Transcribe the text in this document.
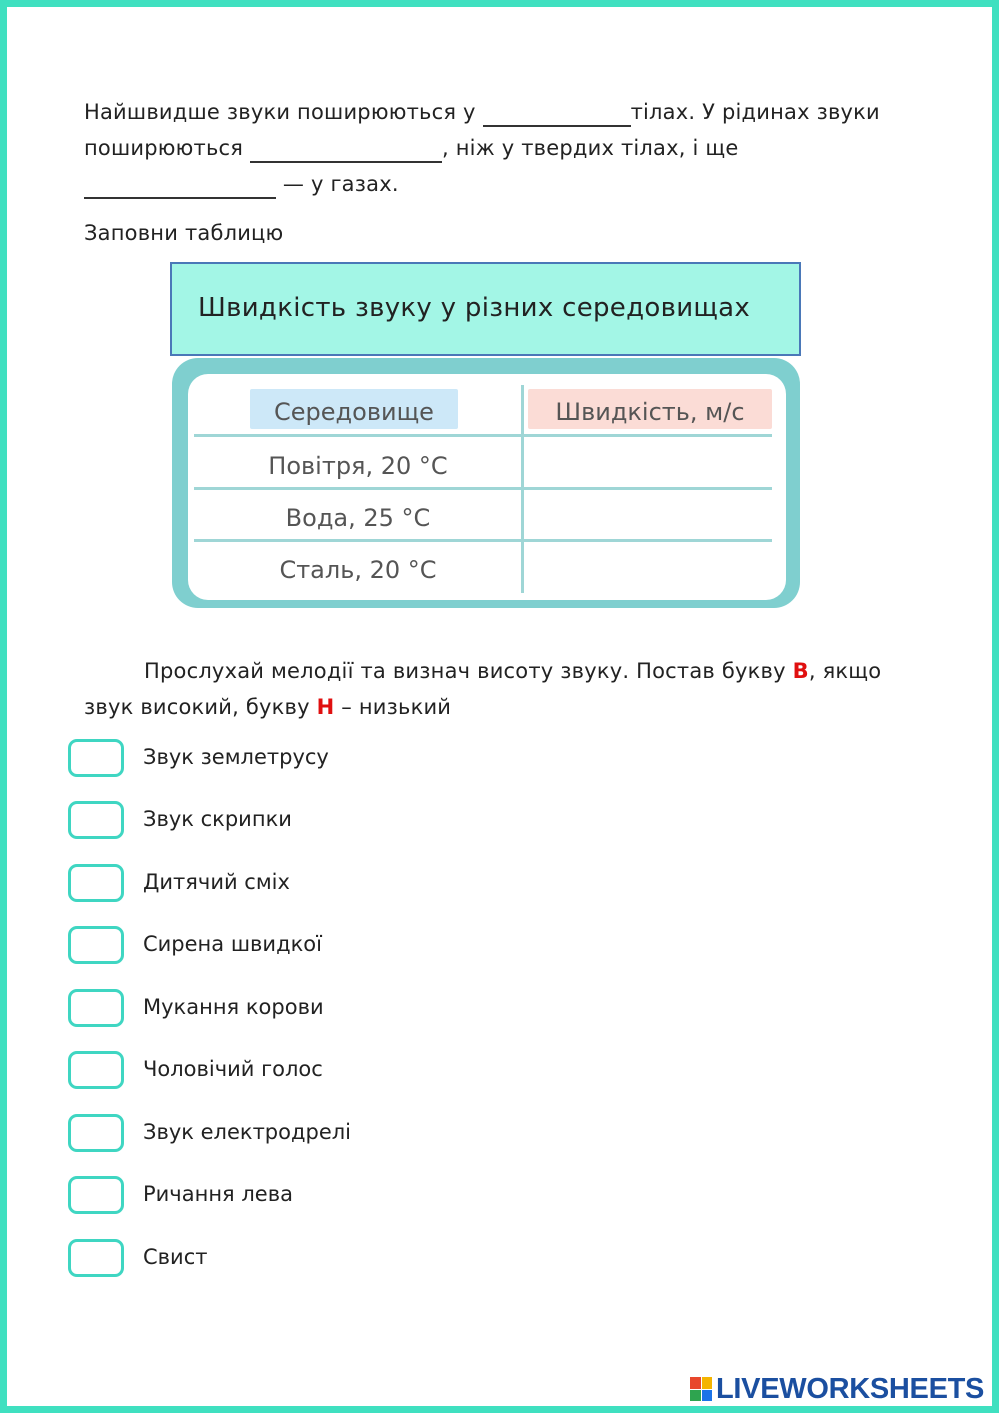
Найшвидше звуки поширюються у	тілах. У рідинах звуки поширюються	, ніж у твердих тілах, і ще  — у газах.
Заповни таблицю
Швидкість звуку у різних середовищах
Середовище	Швидкість, м/с
Повітря, 20 °С
Вода, 25 °С
Сталь, 20 °С
Прослухай мелодії та визнач висоту звуку. Постав букву В, якщо звук високий, букву Н – низький
Звук землетрусу
Звук скрипки
Дитячий сміх
Сирена швидкої
Мукання корови
Чоловічий голос
Звук електродрелі
Ричання лева
Свист
LIVEWORKSHEETS
